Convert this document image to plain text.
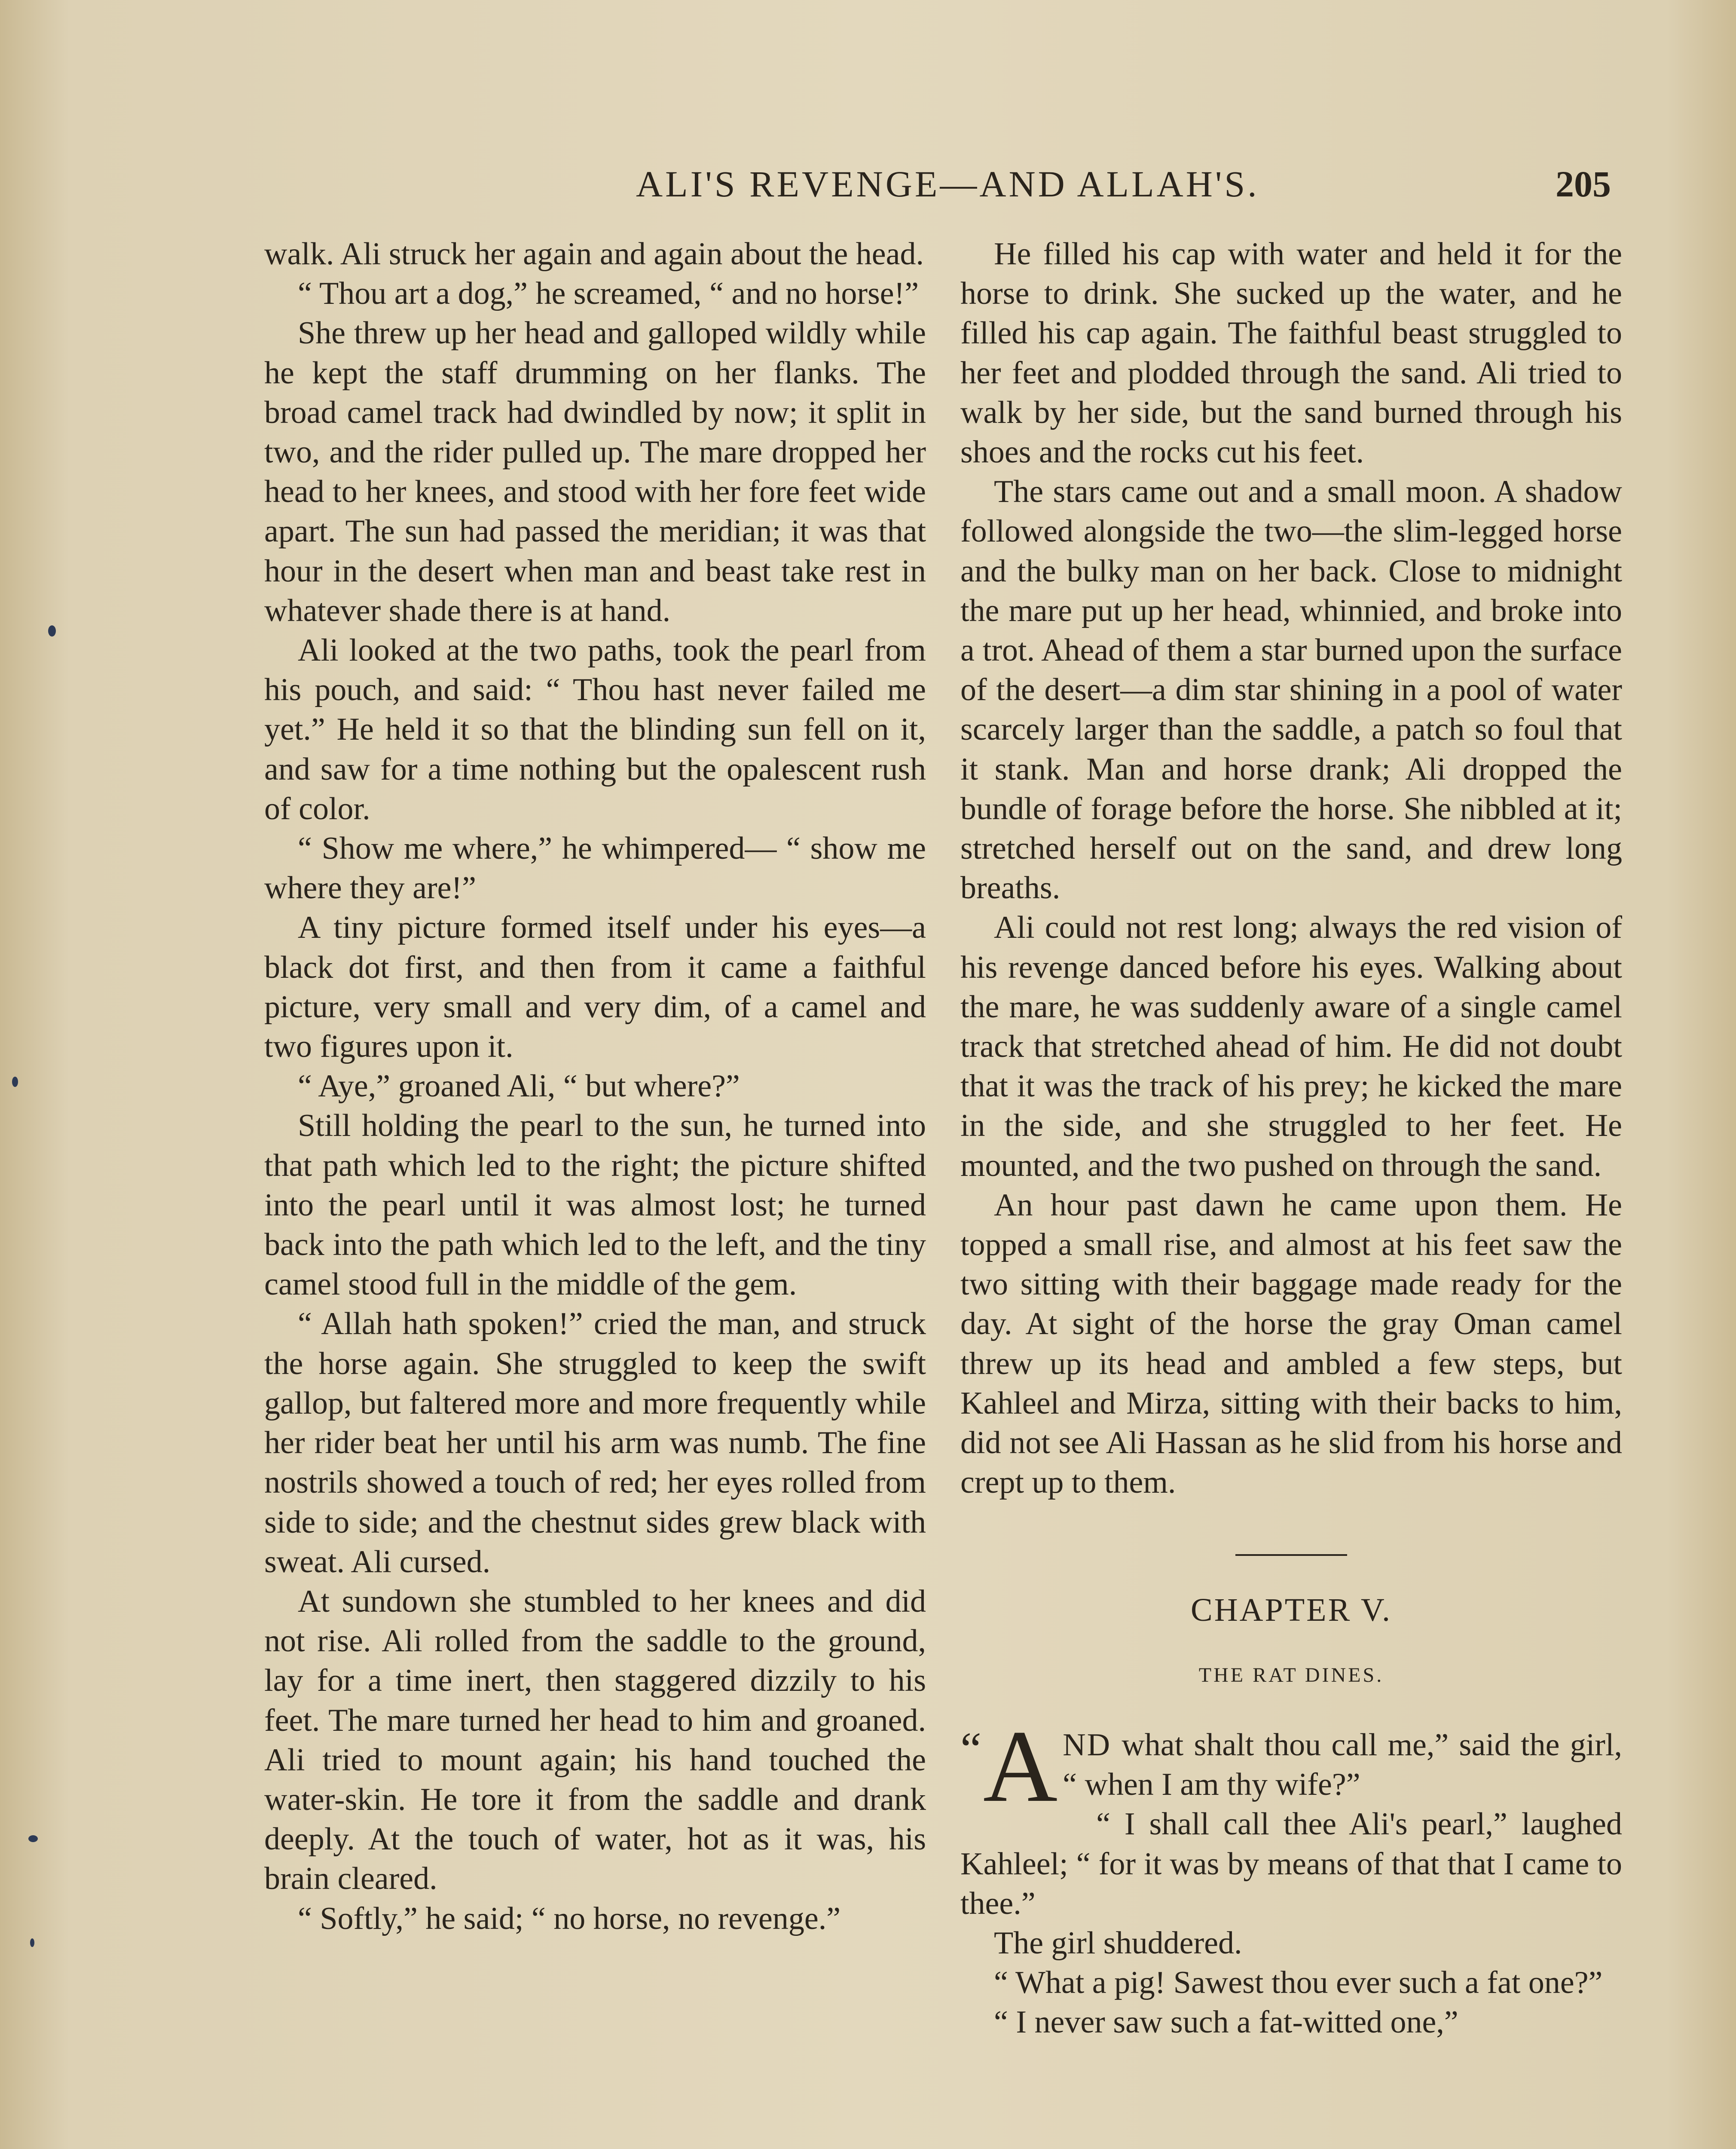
ALI'S REVENGE—AND ALLAH'S.	205

walk. Ali struck her again and again about the head.

“ Thou art a dog,” he screamed, “ and no horse!”

She threw up her head and galloped wildly while he kept the staff drumming on her flanks. The broad camel track had dwindled by now; it split in two, and the rider pulled up. The mare dropped her head to her knees, and stood with her fore feet wide apart. The sun had passed the meridian; it was that hour in the desert when man and beast take rest in whatever shade there is at hand.

Ali looked at the two paths, took the pearl from his pouch, and said: “ Thou hast never failed me yet.” He held it so that the blinding sun fell on it, and saw for a time nothing but the opalescent rush of color.

“ Show me where,” he whimpered— “ show me where they are!”

A tiny picture formed itself under his eyes—a black dot first, and then from it came a faithful picture, very small and very dim, of a camel and two figures upon it.

“ Aye,” groaned Ali, “ but where?”

Still holding the pearl to the sun, he turned into that path which led to the right; the picture shifted into the pearl until it was almost lost; he turned back into the path which led to the left, and the tiny camel stood full in the middle of the gem.

“ Allah hath spoken!” cried the man, and struck the horse again. She struggled to keep the swift gallop, but faltered more and more frequently while her rider beat her until his arm was numb. The fine nostrils showed a touch of red; her eyes rolled from side to side; and the chestnut sides grew black with sweat. Ali cursed.

At sundown she stumbled to her knees and did not rise. Ali rolled from the saddle to the ground, lay for a time inert, then staggered dizzily to his feet. The mare turned her head to him and groaned. Ali tried to mount again; his hand touched the water-skin. He tore it from the saddle and drank deeply. At the touch of water, hot as it was, his brain cleared.

“ Softly,” he said; “ no horse, no revenge.”

He filled his cap with water and held it for the horse to drink. She sucked up the water, and he filled his cap again. The faithful beast struggled to her feet and plodded through the sand. Ali tried to walk by her side, but the sand burned through his shoes and the rocks cut his feet.

The stars came out and a small moon. A shadow followed alongside the two—the slim-legged horse and the bulky man on her back. Close to midnight the mare put up her head, whinnied, and broke into a trot. Ahead of them a star burned upon the surface of the desert—a dim star shining in a pool of water scarcely larger than the saddle, a patch so foul that it stank. Man and horse drank; Ali dropped the bundle of forage before the horse. She nibbled at it; stretched herself out on the sand, and drew long breaths.

Ali could not rest long; always the red vision of his revenge danced before his eyes. Walking about the mare, he was suddenly aware of a single camel track that stretched ahead of him. He did not doubt that it was the track of his prey; he kicked the mare in the side, and she struggled to her feet. He mounted, and the two pushed on through the sand.

An hour past dawn he came upon them. He topped a small rise, and almost at his feet saw the two sitting with their baggage made ready for the day. At sight of the horse the gray Oman camel threw up its head and ambled a few steps, but Kahleel and Mirza, sitting with their backs to him, did not see Ali Hassan as he slid from his horse and crept up to them.

CHAPTER V.
THE RAT DINES.

“ A ND what shalt thou call me,” said the girl, “ when I am thy wife?”

“ I shall call thee Ali's pearl,” laughed Kahleel; “ for it was by means of that that I came to thee.”

The girl shuddered.

“ What a pig! Sawest thou ever such a fat one?”

“ I never saw such a fat-witted one,”
